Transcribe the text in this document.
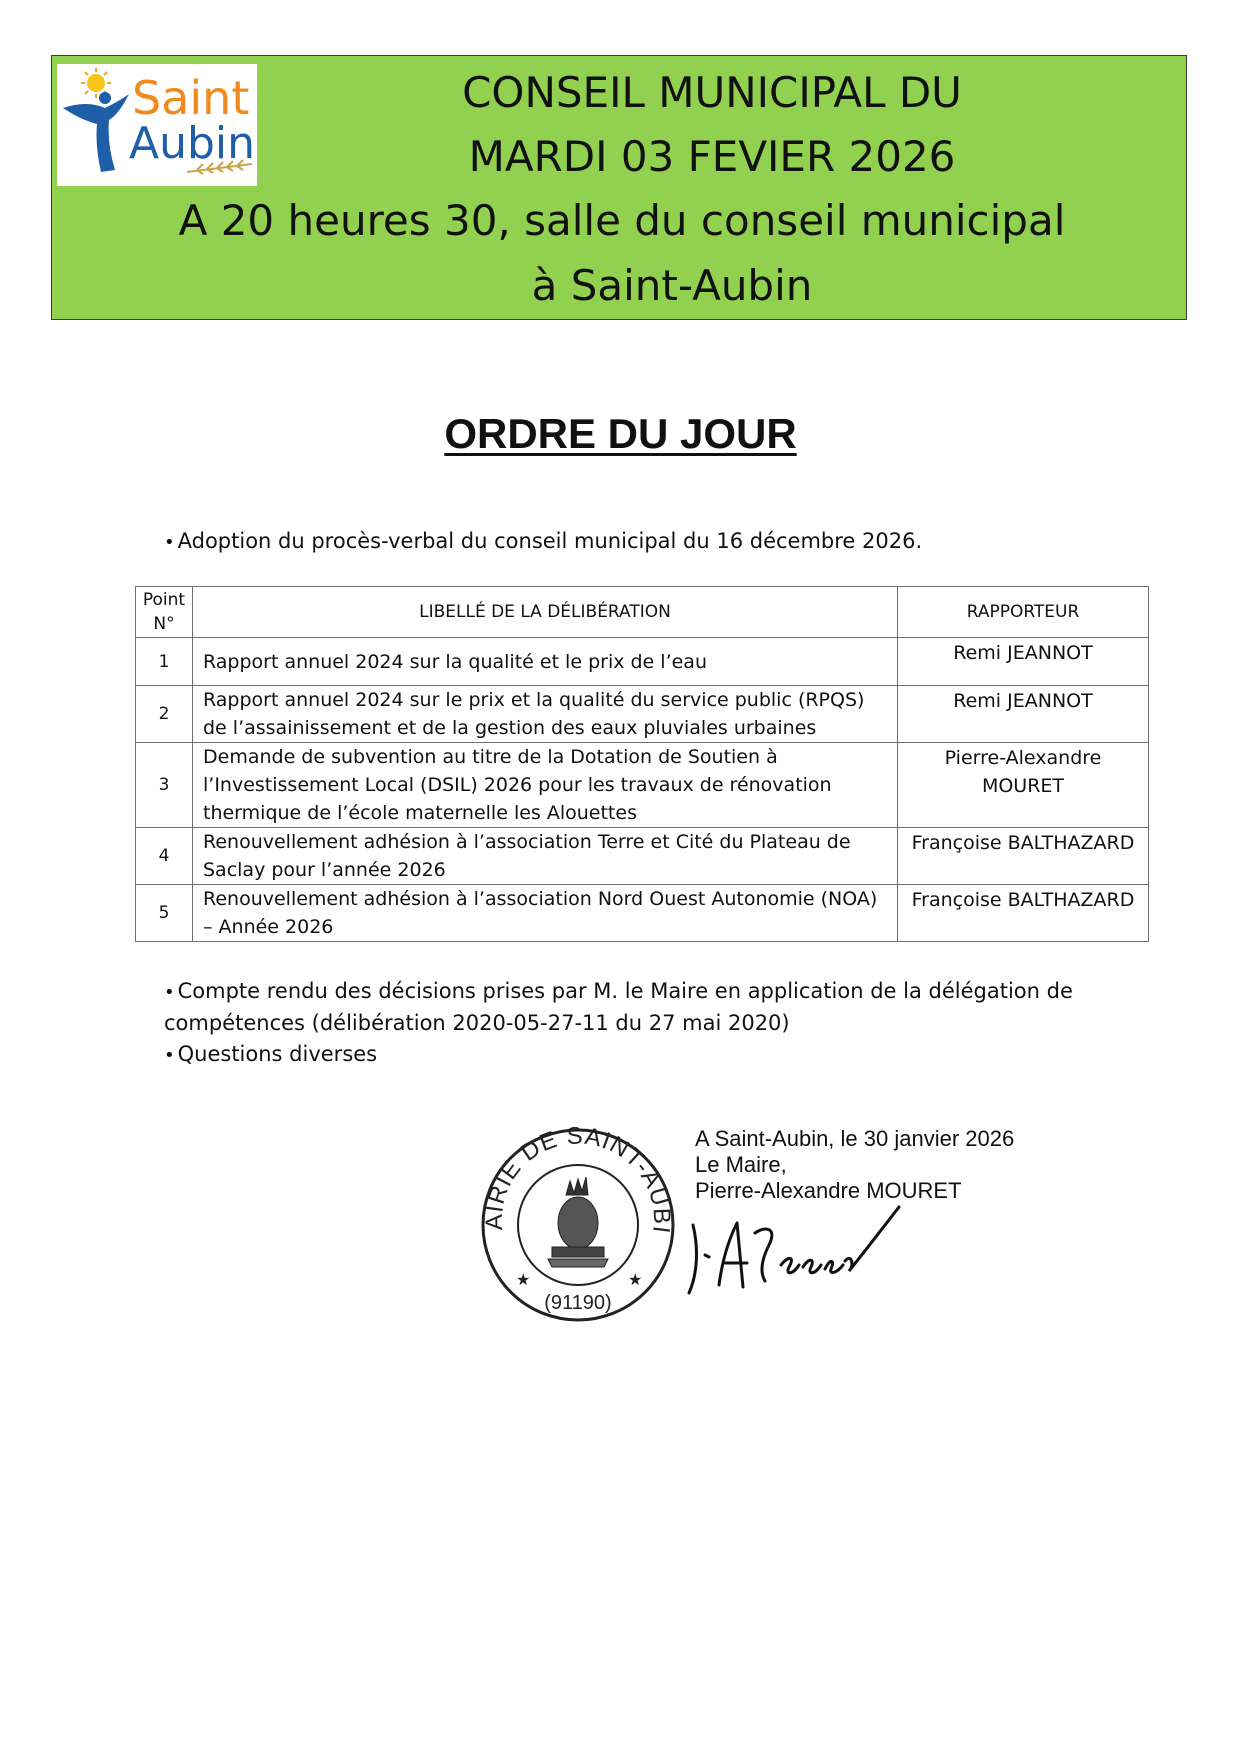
Saint
Aubin

CONSEIL MUNICIPAL DU

MARDI 03 FEVIER 2026

A 20 heures 30, salle du conseil municipal

à Saint-Aubin

ORDRE DU JOUR

• Adoption du procès-verbal du conseil municipal du 16 décembre 2026.

Point N°	LIBELLÉ DE LA DÉLIBÉRATION	RAPPORTEUR
1	Rapport annuel 2024 sur la qualité et le prix de l’eau	Remi JEANNOT
2	Rapport annuel 2024 sur le prix et la qualité du service public (RPQS) de l’assainissement et de la gestion des eaux pluviales urbaines	Remi JEANNOT
3	Demande de subvention au titre de la Dotation de Soutien à l’Investissement Local (DSIL) 2026 pour les travaux de rénovation thermique de l’école maternelle les Alouettes	Pierre-Alexandre MOURET
4	Renouvellement adhésion à l’association Terre et Cité du Plateau de Saclay pour l’année 2026	Françoise BALTHAZARD
5	Renouvellement adhésion à l’association Nord Ouest Autonomie (NOA) – Année 2026	Françoise BALTHAZARD

• Compte rendu des décisions prises par M. le Maire en application de la délégation de compétences (délibération 2020-05-27-11 du 27 mai 2020)

• Questions diverses

AIRIE DE SAINT-AUBI
★	★
(91190)
A Saint-Aubin, le 30 janvier 2026
Le Maire,
Pierre-Alexandre MOURET
